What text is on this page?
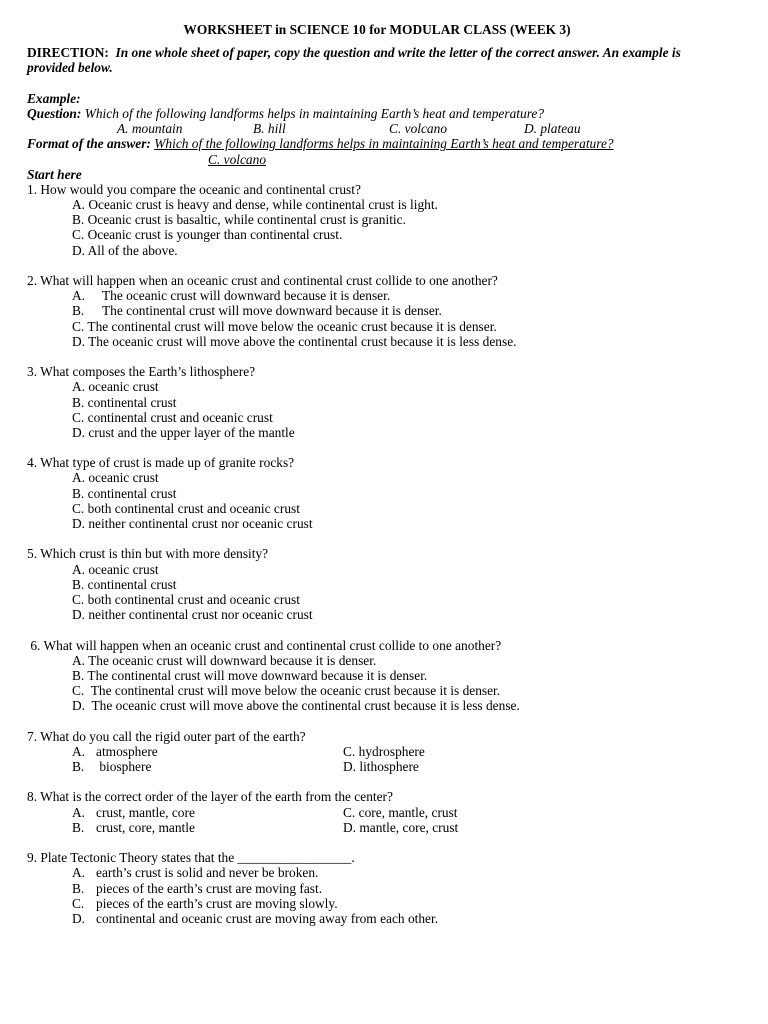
WORKSHEET in SCIENCE 10 for MODULAR CLASS (WEEK 3)
DIRECTION: In one whole sheet of paper, copy the question and write the letter of the correct answer. An example is provided below.
Example:
Question: Which of the following landforms helps in maintaining Earth’s heat and temperature?
A. mountain	B. hill	C. volcano	D. plateau
Format of the answer: Which of the following landforms helps in maintaining Earth’s heat and temperature?
C. volcano
Start here
1. How would you compare the oceanic and continental crust?
A. Oceanic crust is heavy and dense, while continental crust is light.
B. Oceanic crust is basaltic, while continental crust is granitic.
C. Oceanic crust is younger than continental crust.
D. All of the above.
2. What will happen when an oceanic crust and continental crust collide to one another?
A. The oceanic crust will downward because it is denser.
B. The continental crust will move downward because it is denser.
C. The continental crust will move below the oceanic crust because it is denser.
D. The oceanic crust will move above the continental crust because it is less dense.
3. What composes the Earth’s lithosphere?
A. oceanic crust
B. continental crust
C. continental crust and oceanic crust
D. crust and the upper layer of the mantle
4. What type of crust is made up of granite rocks?
A. oceanic crust
B. continental crust
C. both continental crust and oceanic crust
D. neither continental crust nor oceanic crust
5. Which crust is thin but with more density?
A. oceanic crust
B. continental crust
C. both continental crust and oceanic crust
D. neither continental crust nor oceanic crust
6. What will happen when an oceanic crust and continental crust collide to one another?
A. The oceanic crust will downward because it is denser.
B. The continental crust will move downward because it is denser.
C.  The continental crust will move below the oceanic crust because it is denser.
D.  The oceanic crust will move above the continental crust because it is less dense.
7. What do you call the rigid outer part of the earth?
A. atmosphere	C. hydrosphere
B. biosphere	D. lithosphere
8. What is the correct order of the layer of the earth from the center?
A. crust, mantle, core	C. core, mantle, crust
B. crust, core, mantle	D. mantle, core, crust
9. Plate Tectonic Theory states that the _________________.
A. earth’s crust is solid and never be broken.
B. pieces of the earth’s crust are moving fast.
C. pieces of the earth’s crust are moving slowly.
D. continental and oceanic crust are moving away from each other.
